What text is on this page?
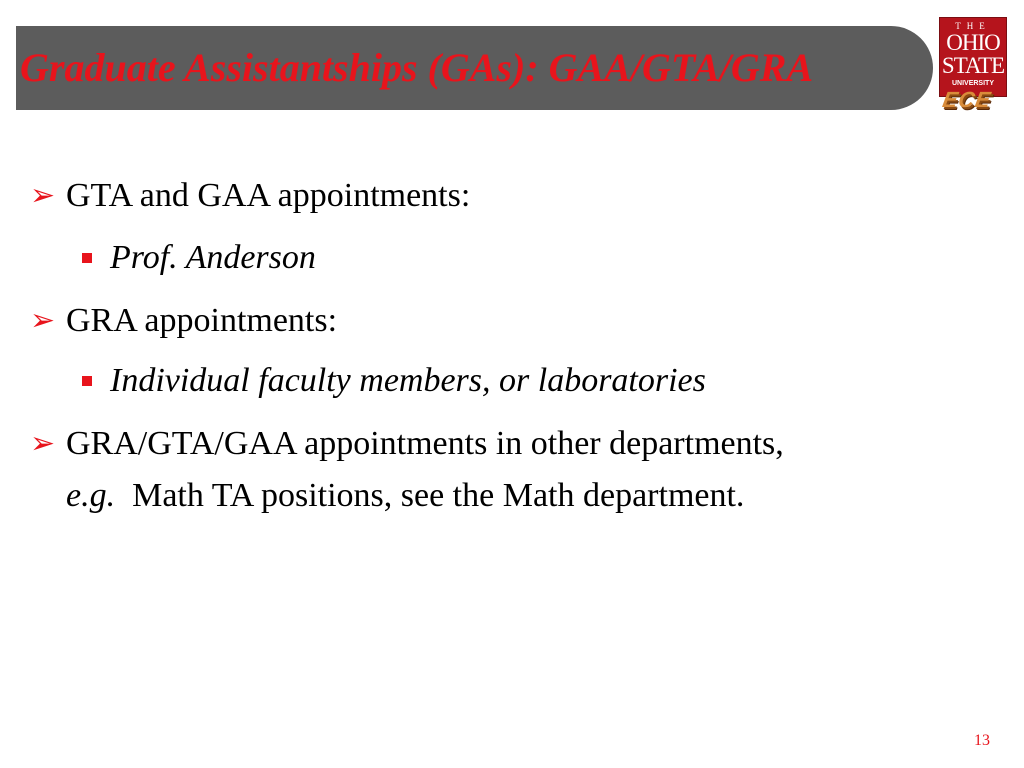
Graduate Assistantships (GAs): GAA/GTA/GRA
THE
OHIO
STATE
UNIVERSITY
ECE
➢ GTA and GAA appointments:
Prof. Anderson
➢ GRA appointments:
Individual faculty members, or laboratories
➢ GRA/GTA/GAA appointments in other departments,
e.g.  Math TA positions, see the Math department.
13
